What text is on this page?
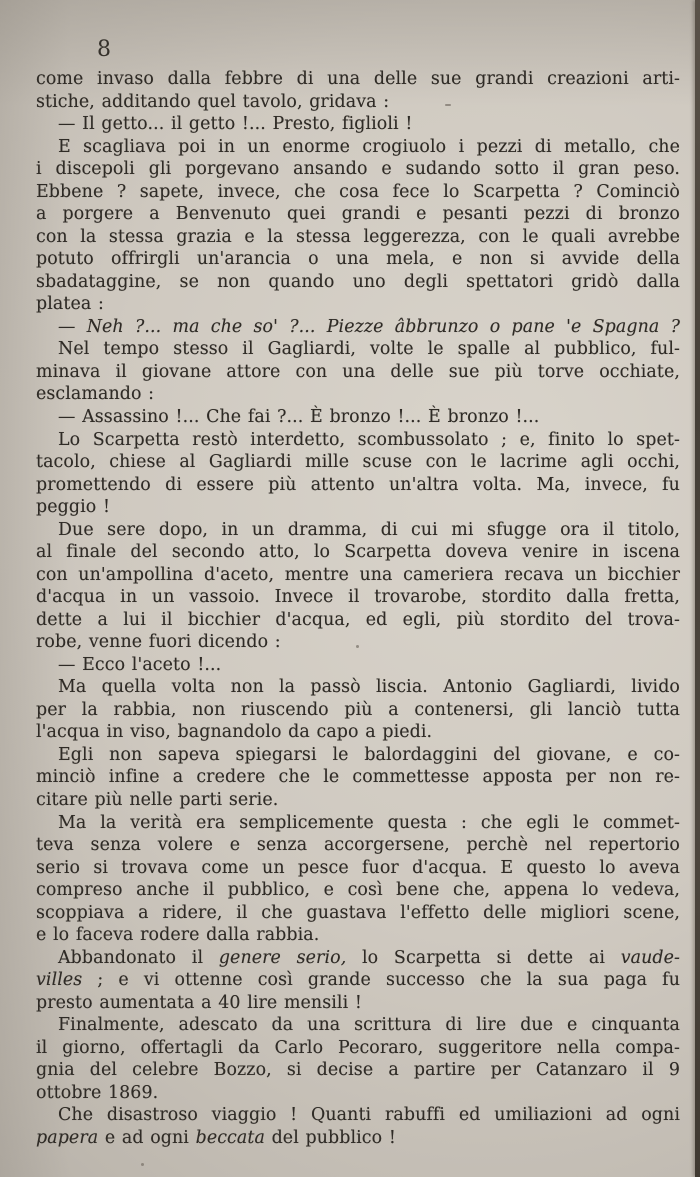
8
come invaso dalla febbre di una delle sue grandi creazioni arti-
stiche, additando quel tavolo, gridava :
— Il getto... il getto !... Presto, figlioli !
E scagliava poi in un enorme crogiuolo i pezzi di metallo, che
i discepoli gli porgevano ansando e sudando sotto il gran peso.
Ebbene ? sapete, invece, che cosa fece lo Scarpetta ? Cominciò
a porgere a Benvenuto quei grandi e pesanti pezzi di bronzo
con la stessa grazia e la stessa leggerezza, con le quali avrebbe
potuto offrirgli un'arancia o una mela, e non si avvide della
sbadataggine, se non quando uno degli spettatori gridò dalla
platea :
— Neh ?... ma che so' ?... Piezze âbbrunzo o pane 'e Spagna ?
Nel tempo stesso il Gagliardi, volte le spalle al pubblico, ful-
minava il giovane attore con una delle sue più torve occhiate,
esclamando :
— Assassino !... Che fai ?... È bronzo !... È bronzo !...
Lo Scarpetta restò interdetto, scombussolato ; e, finito lo spet-
tacolo, chiese al Gagliardi mille scuse con le lacrime agli occhi,
promettendo di essere più attento un'altra volta. Ma, invece, fu
peggio !
Due sere dopo, in un dramma, di cui mi sfugge ora il titolo,
al finale del secondo atto, lo Scarpetta doveva venire in iscena
con un'ampollina d'aceto, mentre una cameriera recava un bicchier
d'acqua in un vassoio. Invece il trovarobe, stordito dalla fretta,
dette a lui il bicchier d'acqua, ed egli, più stordito del trova-
robe, venne fuori dicendo :
— Ecco l'aceto !...
Ma quella volta non la passò liscia. Antonio Gagliardi, livido
per la rabbia, non riuscendo più a contenersi, gli lanciò tutta
l'acqua in viso, bagnandolo da capo a piedi.
Egli non sapeva spiegarsi le balordaggini del giovane, e co-
minciò infine a credere che le commettesse apposta per non re-
citare più nelle parti serie.
Ma la verità era semplicemente questa : che egli le commet-
teva senza volere e senza accorgersene, perchè nel repertorio
serio si trovava come un pesce fuor d'acqua. E questo lo aveva
compreso anche il pubblico, e così bene che, appena lo vedeva,
scoppiava a ridere, il che guastava l'effetto delle migliori scene,
e lo faceva rodere dalla rabbia.
Abbandonato il genere serio, lo Scarpetta si dette ai vaude-
villes ; e vi ottenne così grande successo che la sua paga fu
presto aumentata a 40 lire mensili !
Finalmente, adescato da una scrittura di lire due e cinquanta
il giorno, offertagli da Carlo Pecoraro, suggeritore nella compa-
gnia del celebre Bozzo, si decise a partire per Catanzaro il 9
ottobre 1869.
Che disastroso viaggio ! Quanti rabuffi ed umiliazioni ad ogni
papera e ad ogni beccata del pubblico !
